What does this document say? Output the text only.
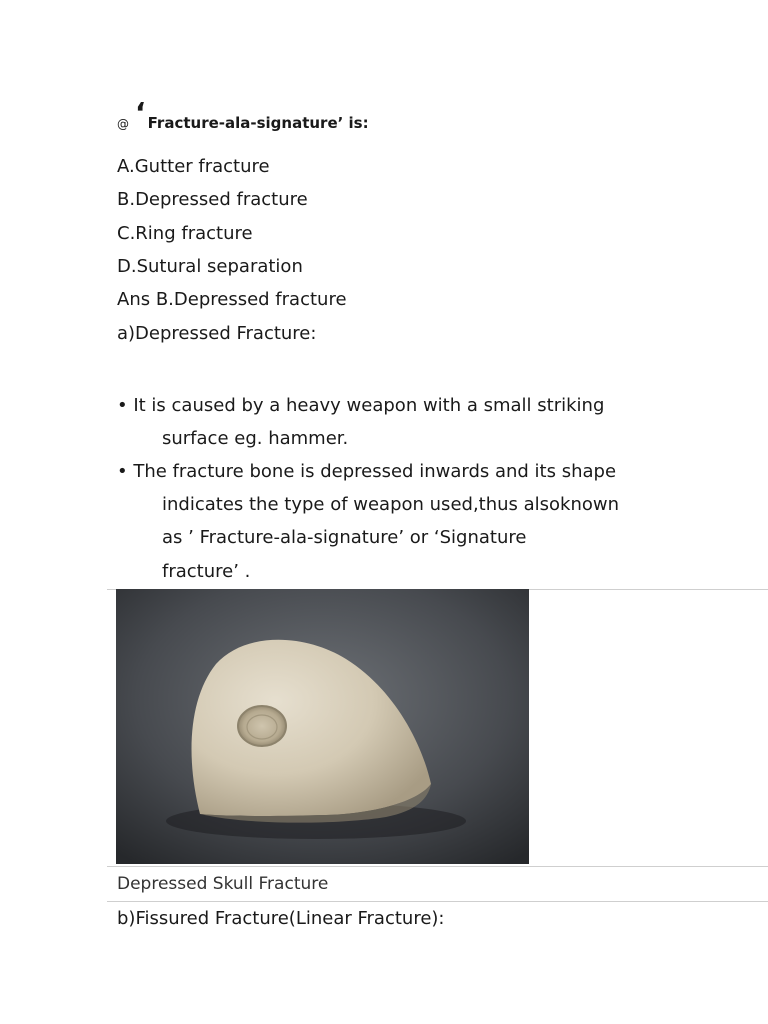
@ ‘ Fracture-ala-signature’ is:
A.Gutter fracture
B.Depressed fracture
C.Ring fracture
D.Sutural separation
Ans B.Depressed fracture
a)Depressed Fracture:
• It is caused by a heavy weapon with a small striking
surface eg. hammer.
• The fracture bone is depressed inwards and its shape
indicates the type of weapon used,thus alsoknown
as ’ Fracture-ala-signature’ or ‘Signature
fracture’ .
Depressed Skull Fracture
b)Fissured Fracture(Linear Fracture):
